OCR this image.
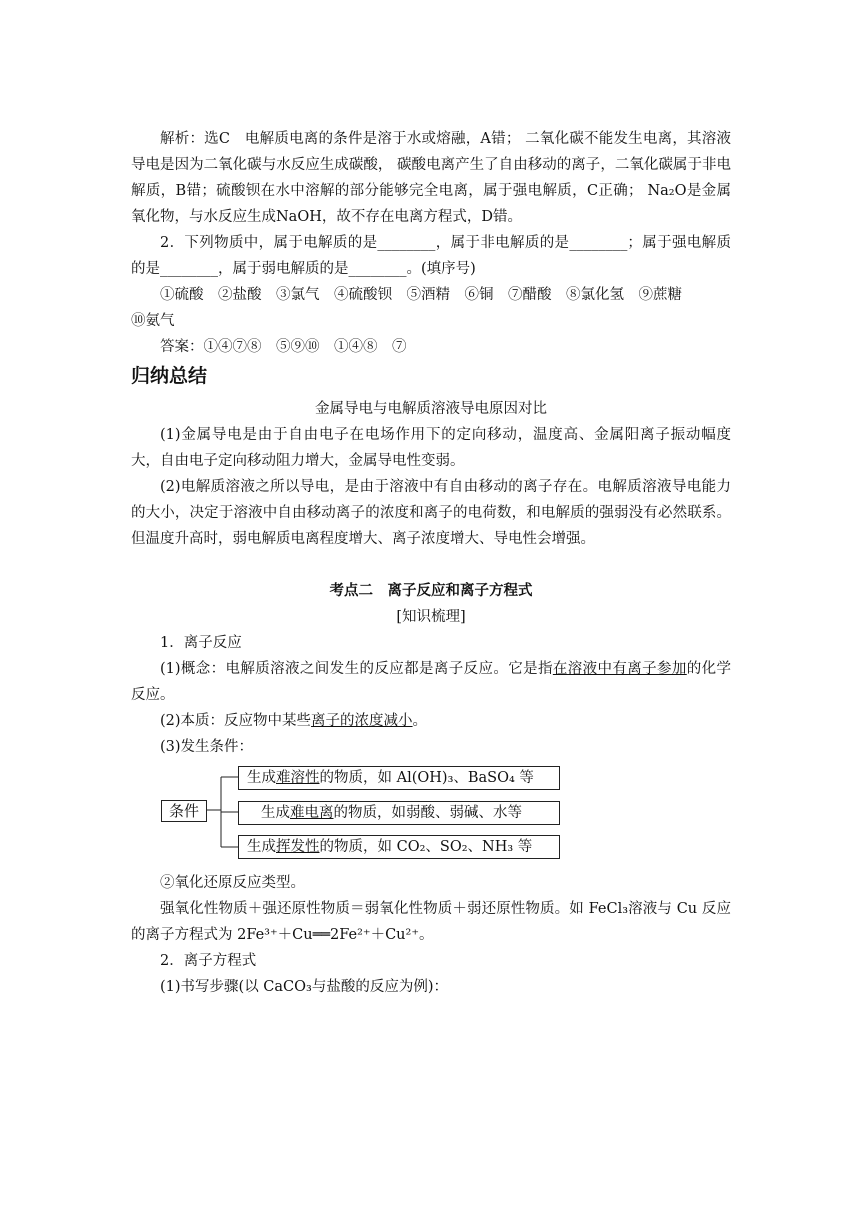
解析：选C　电解质电离的条件是溶于水或熔融，A错； 二氧化碳不能发生电离，其溶液导电是因为二氧化碳与水反应生成碳酸， 碳酸电离产生了自由移动的离子，二氧化碳属于非电解质，B错；硫酸钡在水中溶解的部分能够完全电离，属于强电解质，C正确； Na₂O是金属氧化物，与水反应生成NaOH，故不存在电离方程式，D错。

2．下列物质中，属于电解质的是________，属于非电解质的是________；属于强电解质的是________，属于弱电解质的是________。(填序号)

①硫酸　②盐酸　③氯气　④硫酸钡　⑤酒精　⑥铜　⑦醋酸　⑧氯化氢　⑨蔗糖

⑩氨气

答案：①④⑦⑧　⑤⑨⑩　①④⑧　⑦

归纳总结

金属导电与电解质溶液导电原因对比

(1)金属导电是由于自由电子在电场作用下的定向移动，温度高、金属阳离子振动幅度大，自由电子定向移动阻力增大，金属导电性变弱。

(2)电解质溶液之所以导电，是由于溶液中有自由移动的离子存在。电解质溶液导电能力的大小，决定于溶液中自由移动离子的浓度和离子的电荷数，和电解质的强弱没有必然联系。但温度升高时，弱电解质电离程度增大、离子浓度增大、导电性会增强。

考点二　离子反应和离子方程式

[知识梳理]

1．离子反应

(1)概念：电解质溶液之间发生的反应都是离子反应。它是指在溶液中有离子参加的化学反应。

(2)本质：反应物中某些离子的浓度减小。

(3)发生条件：

条件
生成难溶性的物质，如 Al(OH)₃、BaSO₄ 等
生成难电离的物质，如弱酸、弱碱、水等
生成挥发性的物质，如 CO₂、SO₂、NH₃ 等

②氧化还原反应类型。

强氧化性物质＋强还原性物质＝弱氧化性物质＋弱还原性物质。如 FeCl₃溶液与 Cu 反应的离子方程式为 2Fe³⁺＋Cu══2Fe²⁺＋Cu²⁺。

2．离子方程式

(1)书写步骤(以 CaCO₃与盐酸的反应为例)：
